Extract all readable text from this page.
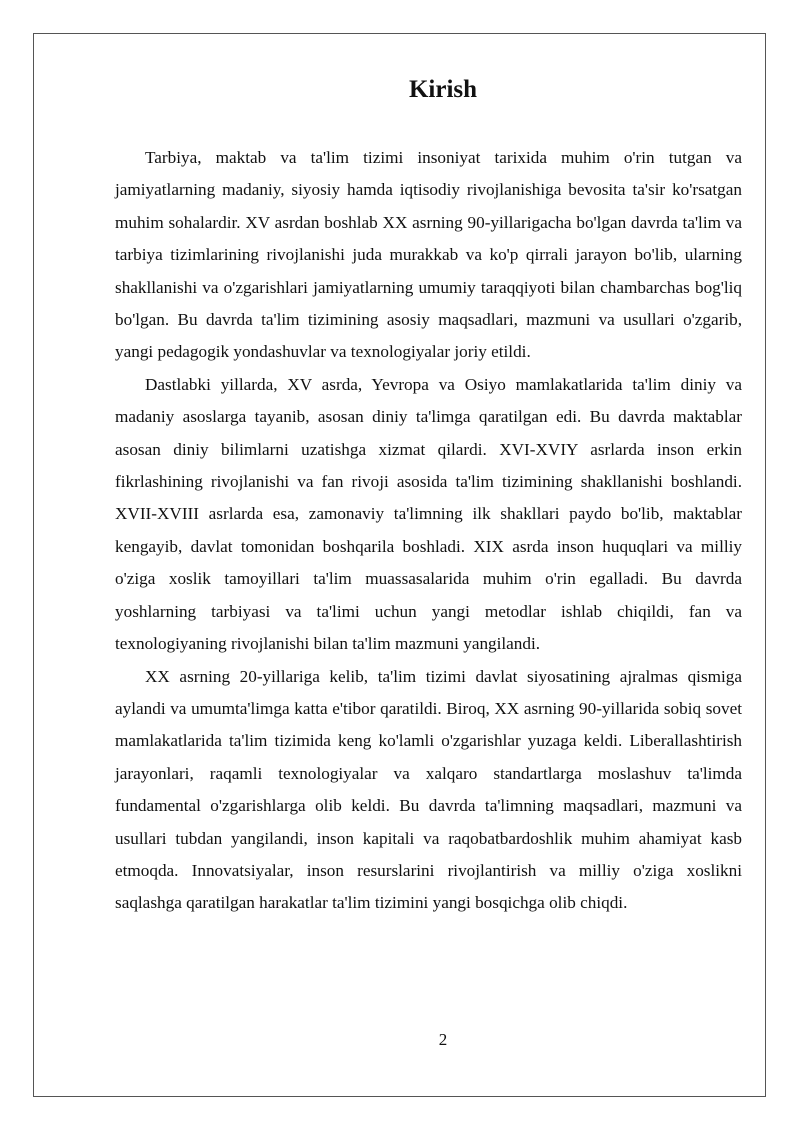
Kirish

Tarbiya, maktab va ta'lim tizimi insoniyat tarixida muhim o'rin tutgan va jamiyatlarning madaniy, siyosiy hamda iqtisodiy rivojlanishiga bevosita ta'sir ko'rsatgan muhim sohalardir. XV asrdan boshlab XX asrning 90-yillarigacha bo'lgan davrda ta'lim va tarbiya tizimlarining rivojlanishi juda murakkab va ko'p qirrali jarayon bo'lib, ularning shakllanishi va o'zgarishlari jamiyatlarning umumiy taraqqiyoti bilan chambarchas bog'liq bo'lgan. Bu davrda ta'lim tizimining asosiy maqsadlari, mazmuni va usullari o'zgarib, yangi pedagogik yondashuvlar va texnologiyalar joriy etildi.

Dastlabki yillarda, XV asrda, Yevropa va Osiyo mamlakatlarida ta'lim diniy va madaniy asoslarga tayanib, asosan diniy ta'limga qaratilgan edi. Bu davrda maktablar asosan diniy bilimlarni uzatishga xizmat qilardi. XVI-XVIY asrlarda inson erkin fikrlashining rivojlanishi va fan rivoji asosida ta'lim tizimining shakllanishi boshlandi. XVII-XVIII asrlarda esa, zamonaviy ta'limning ilk shakllari paydo bo'lib, maktablar kengayib, davlat tomonidan boshqarila boshladi. XIX asrda inson huquqlari va milliy o'ziga xoslik tamoyillari ta'lim muassasalarida muhim o'rin egalladi. Bu davrda yoshlarning tarbiyasi va ta'limi uchun yangi metodlar ishlab chiqildi, fan va texnologiyaning rivojlanishi bilan ta'lim mazmuni yangilandi.

XX asrning 20-yillariga kelib, ta'lim tizimi davlat siyosatining ajralmas qismiga aylandi va umumta'limga katta e'tibor qaratildi. Biroq, XX asrning 90-yillarida sobiq sovet mamlakatlarida ta'lim tizimida keng ko'lamli o'zgarishlar yuzaga keldi. Liberallashtirish jarayonlari, raqamli texnologiyalar va xalqaro standartlarga moslashuv ta'limda fundamental o'zgarishlarga olib keldi. Bu davrda ta'limning maqsadlari, mazmuni va usullari tubdan yangilandi, inson kapitali va raqobatbardoshlik muhim ahamiyat kasb etmoqda. Innovatsiyalar, inson resurslarini rivojlantirish va milliy o'ziga xoslikni saqlashga qaratilgan harakatlar ta'lim tizimini yangi bosqichga olib chiqdi.

2
